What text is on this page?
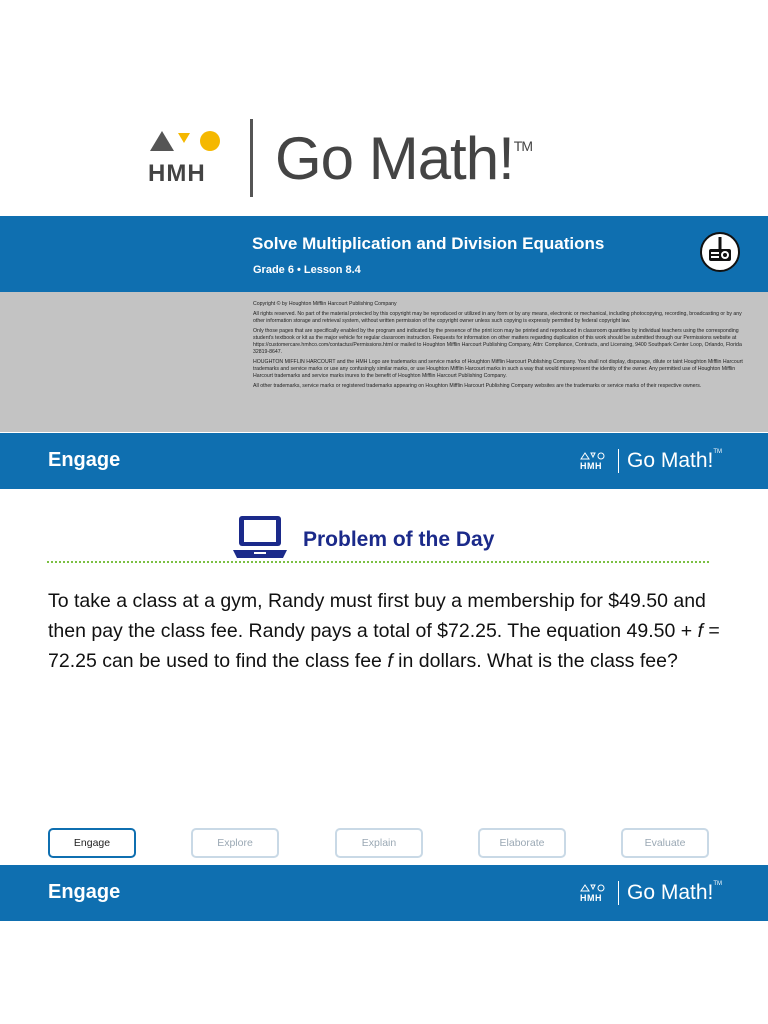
HMH Go Math!™
Solve Multiplication and Division Equations
Grade 6 • Lesson 8.4

Copyright © by Houghton Mifflin Harcourt Publishing Company

All rights reserved. No part of the material protected by this copyright may be reproduced or utilized in any form or by any means, electronic or mechanical, including photocopying, recording, broadcasting or by any other information storage and retrieval system, without written permission of the copyright owner unless such copying is expressly permitted by federal copyright law.

Only those pages that are specifically enabled by the program and indicated by the presence of the print icon may be printed and reproduced in classroom quantities by individual teachers using the corresponding student's textbook or kit as the major vehicle for regular classroom instruction. Requests for information on other matters regarding duplication of this work should be submitted through our Permissions website at https://customercare.hmhco.com/contactus/Permissions.html or mailed to Houghton Mifflin Harcourt Publishing Company, Attn: Compliance, Contracts, and Licensing, 9400 Southpark Center Loop, Orlando, Florida 32819-8647.

HOUGHTON MIFFLIN HARCOURT and the HMH Logo are trademarks and service marks of Houghton Mifflin Harcourt Publishing Company. You shall not display, disparage, dilute or taint Houghton Mifflin Harcourt trademarks and service marks or use any confusingly similar marks, or use Houghton Mifflin Harcourt marks in such a way that would misrepresent the identity of the owner. Any permitted use of Houghton Mifflin Harcourt trademarks and service marks inures to the benefit of Houghton Mifflin Harcourt Publishing Company.

All other trademarks, service marks or registered trademarks appearing on Houghton Mifflin Harcourt Publishing Company websites are the trademarks or service marks of their respective owners.

Engage	HMH Go Math!™
Problem of the Day
To take a class at a gym, Randy must first buy a membership for $49.50 and then pay the class fee. Randy pays a total of $72.25. The equation 49.50 + f = 72.25 can be used to find the class fee f in dollars. What is the class fee?
Engage	Explore	Explain	Elaborate	Evaluate
Engage	HMH Go Math!™
